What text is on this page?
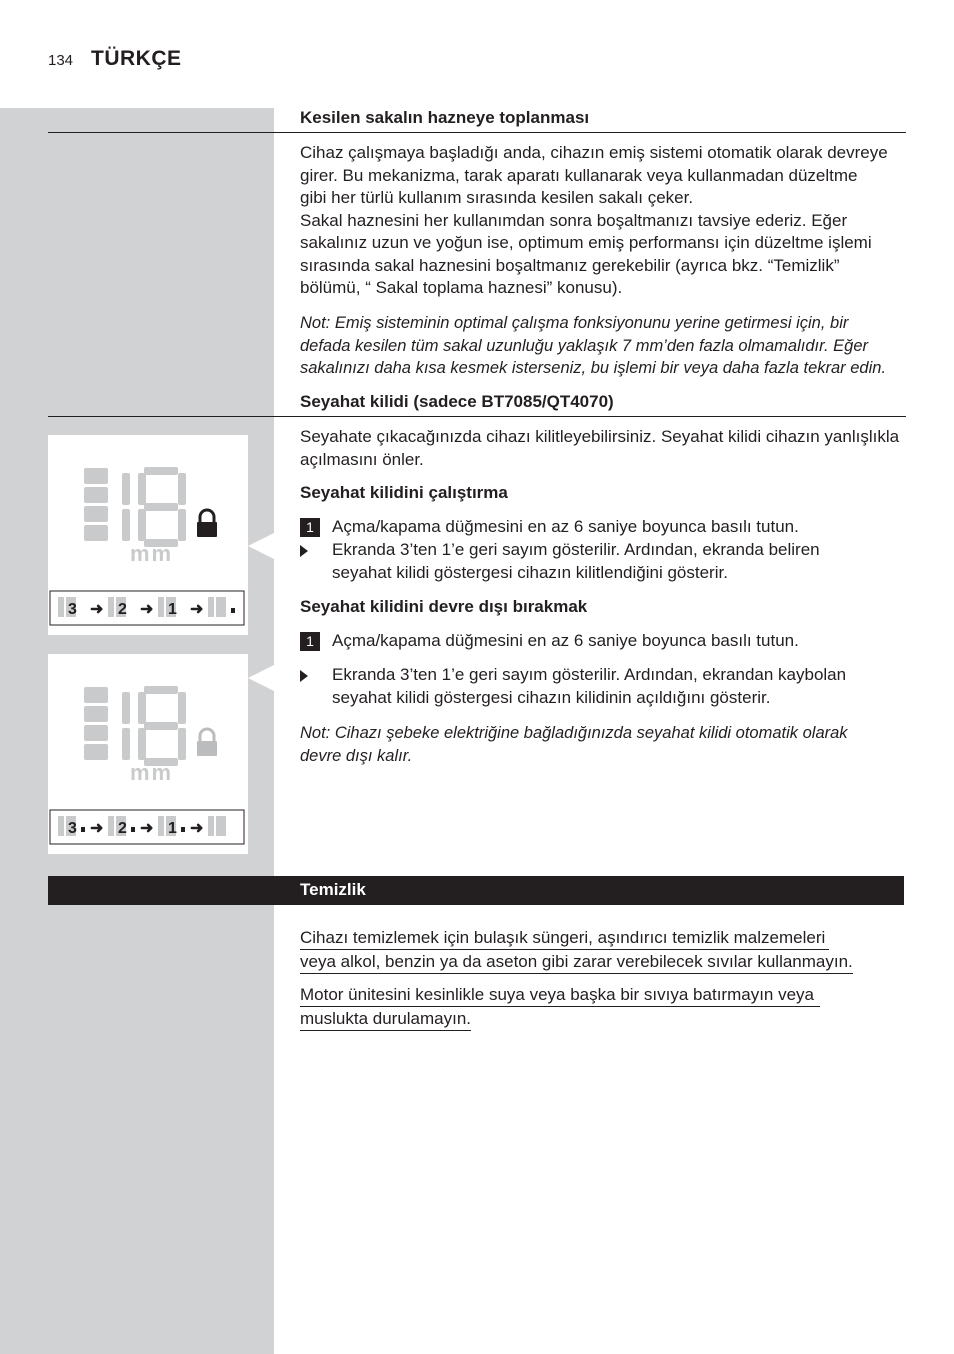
134 TÜRKÇE
Kesilen sakalın hazneye toplanması
Cihaz çalışmaya başladığı anda, cihazın emiş sistemi otomatik olarak devreye
girer. Bu mekanizma, tarak aparatı kullanarak veya kullanmadan düzeltme
gibi her türlü kullanım sırasında kesilen sakalı çeker.
Sakal haznesini her kullanımdan sonra boşaltmanızı tavsiye ederiz. Eğer
sakalınız uzun ve yoğun ise, optimum emiş performansı için düzeltme işlemi
sırasında sakal haznesini boşaltmanız gerekebilir (ayrıca bkz. “Temizlik”
bölümü, “ Sakal toplama haznesi” konusu).
Not: Emiş sisteminin optimal çalışma fonksiyonunu yerine getirmesi için, bir
defada kesilen tüm sakal uzunluğu yaklaşık 7 mm’den fazla olmamalıdır. Eğer
sakalınızı daha kısa kesmek isterseniz, bu işlemi bir veya daha fazla tekrar edin.
Seyahat kilidi (sadece BT7085/QT4070)
Seyahate çıkacağınızda cihazı kilitleyebilirsiniz. Seyahat kilidi cihazın yanlışlıkla
açılmasını önler.
Seyahat kilidini çalıştırma
1	Açma/kapama düğmesini en az 6 saniye boyunca basılı tutun.
Ekranda 3’ten 1’e geri sayım gösterilir. Ardından, ekranda beliren
seyahat kilidi göstergesi cihazın kilitlendiğini gösterir.
Seyahat kilidini devre dışı bırakmak
1	Açma/kapama düğmesini en az 6 saniye boyunca basılı tutun.
Ekranda 3’ten 1’e geri sayım gösterilir. Ardından, ekrandan kaybolan
seyahat kilidi göstergesi cihazın kilidinin açıldığını gösterir.
Not: Cihazı şebeke elektriğine bağladığınızda seyahat kilidi otomatik olarak
devre dışı kalır.
mm
3	2	1
➜ ➜ ➜
mm
3	2	1
➜ ➜ ➜
Temizlik
Cihazı temizlemek için bulaşık süngeri, aşındırıcı temizlik malzemeleri
veya alkol, benzin ya da aseton gibi zarar verebilecek sıvılar kullanmayın.
Motor ünitesini kesinlikle suya veya başka bir sıvıya batırmayın veya
muslukta durulamayın.
